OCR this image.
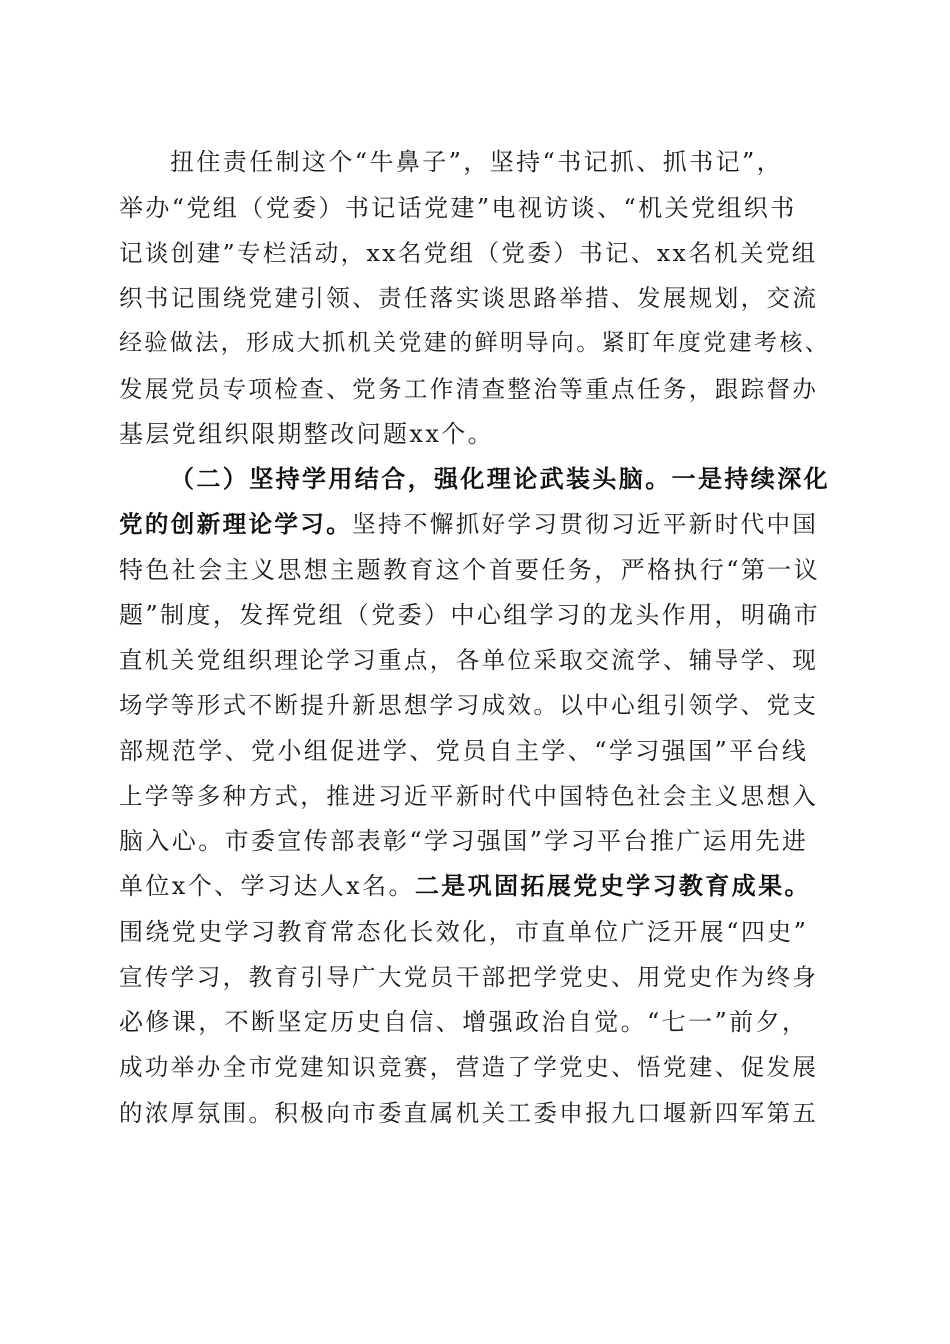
扭住责任制这个“牛鼻子”，坚持“书记抓、抓书记”，

举办“党组（党委）书记话党建”电视访谈、“机关党组织书

记谈创建”专栏活动，xx名党组（党委）书记、xx名机关党组

织书记围绕党建引领、责任落实谈思路举措、发展规划，交流

经验做法，形成大抓机关党建的鲜明导向。紧盯年度党建考核、

发展党员专项检查、党务工作清查整治等重点任务，跟踪督办

基层党组织限期整改问题xx个。

（二）坚持学用结合，强化理论武装头脑。一是持续深化

党的创新理论学习。坚持不懈抓好学习贯彻习近平新时代中国

特色社会主义思想主题教育这个首要任务，严格执行“第一议

题”制度，发挥党组（党委）中心组学习的龙头作用，明确市

直机关党组织理论学习重点，各单位采取交流学、辅导学、现

场学等形式不断提升新思想学习成效。以中心组引领学、党支

部规范学、党小组促进学、党员自主学、“学习强国”平台线

上学等多种方式，推进习近平新时代中国特色社会主义思想入

脑入心。市委宣传部表彰“学习强国”学习平台推广运用先进

单位x个、学习达人x名。二是巩固拓展党史学习教育成果。

围绕党史学习教育常态化长效化，市直单位广泛开展“四史”

宣传学习，教育引导广大党员干部把学党史、用党史作为终身

必修课，不断坚定历史自信、增强政治自觉。“七一”前夕，

成功举办全市党建知识竞赛，营造了学党史、悟党建、促发展

的浓厚氛围。积极向市委直属机关工委申报九口堰新四军第五
